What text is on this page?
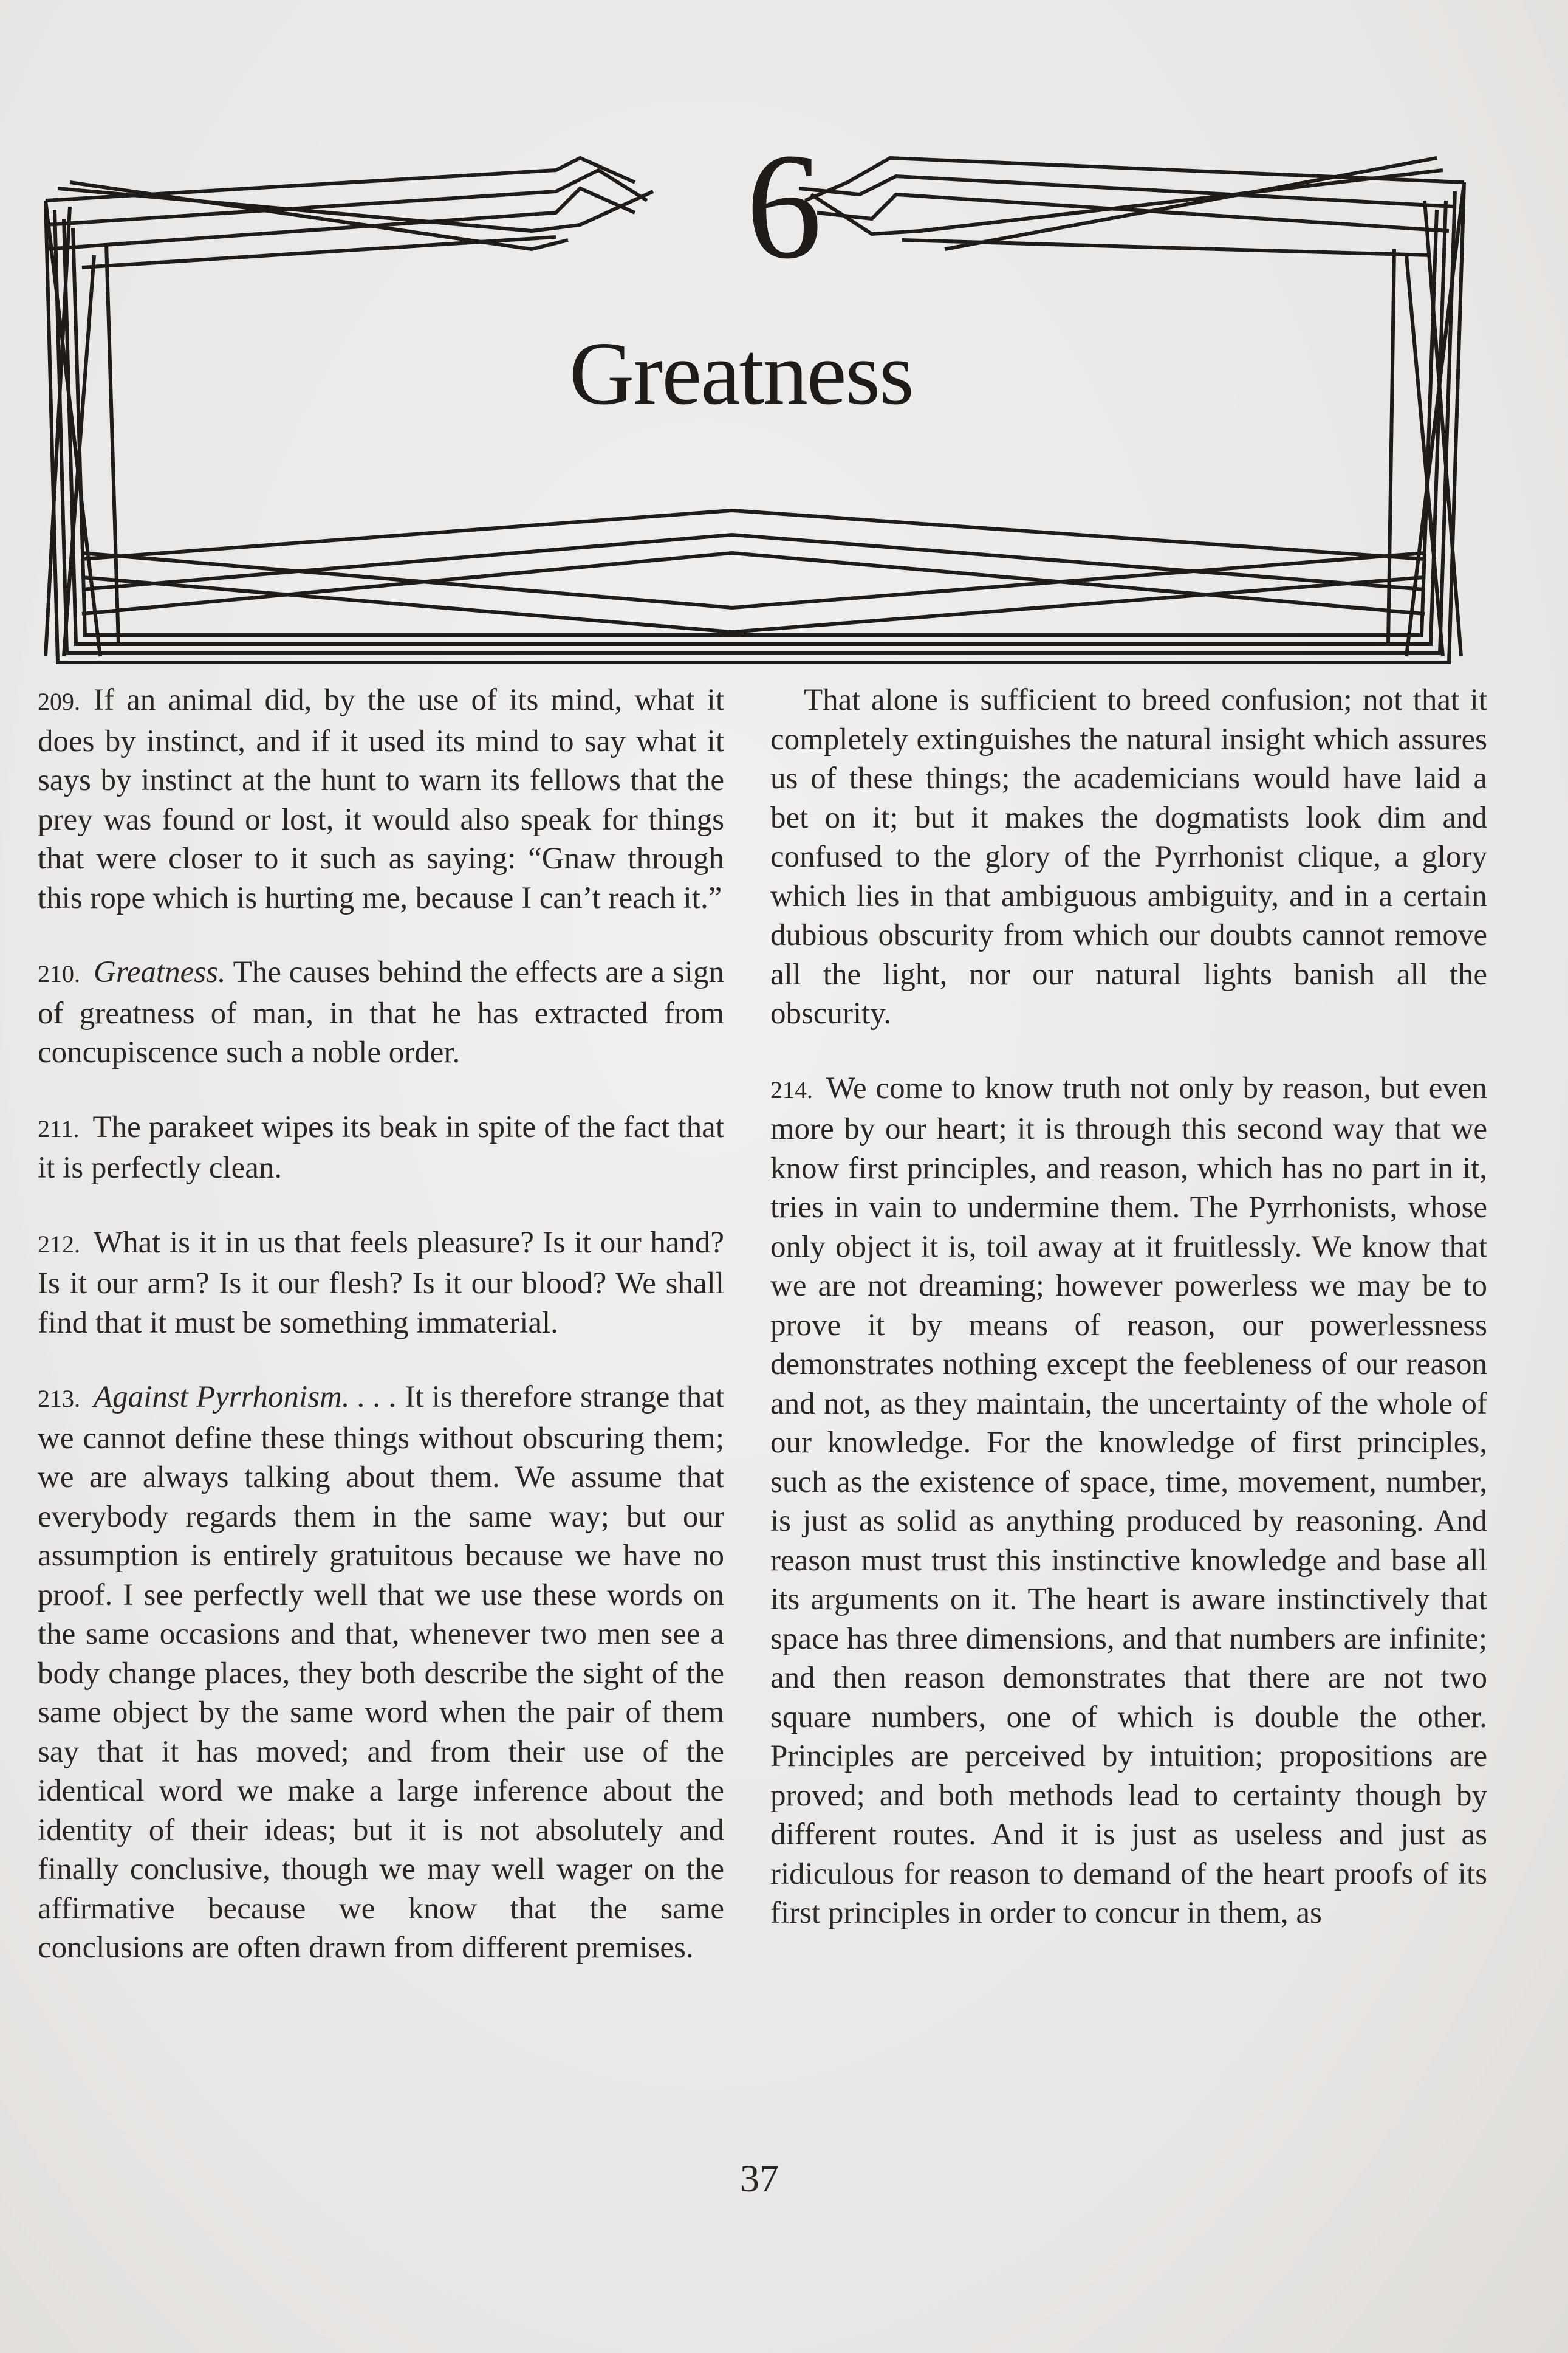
6
Greatness

209. If an animal did, by the use of its mind, what it does by instinct, and if it used its mind to say what it says by instinct at the hunt to warn its fellows that the prey was found or lost, it would also speak for things that were closer to it such as saying: “Gnaw through this rope which is hurting me, because I can’t reach it.”

210. Greatness. The causes behind the effects are a sign of greatness of man, in that he has extracted from concupiscence such a noble order.

211. The parakeet wipes its beak in spite of the fact that it is perfectly clean.

212. What is it in us that feels pleasure? Is it our hand? Is it our arm? Is it our flesh? Is it our blood? We shall find that it must be something immaterial.

213. Against Pyrrhonism. . . . It is therefore strange that we cannot define these things without obscuring them; we are always talking about them. We assume that everybody regards them in the same way; but our assumption is entirely gratuitous because we have no proof. I see perfectly well that we use these words on the same occasions and that, whenever two men see a body change places, they both describe the sight of the same object by the same word when the pair of them say that it has moved; and from their use of the identical word we make a large inference about the identity of their ideas; but it is not absolutely and finally conclusive, though we may well wager on the affirmative because we know that the same conclusions are often drawn from different premises.

That alone is sufficient to breed confusion; not that it completely extinguishes the natural insight which assures us of these things; the academicians would have laid a bet on it; but it makes the dogmatists look dim and confused to the glory of the Pyrrhonist clique, a glory which lies in that ambiguous ambiguity, and in a certain dubious obscurity from which our doubts cannot remove all the light, nor our natural lights banish all the obscurity.

214. We come to know truth not only by reason, but even more by our heart; it is through this second way that we know first principles, and reason, which has no part in it, tries in vain to undermine them. The Pyrrhonists, whose only object it is, toil away at it fruitlessly. We know that we are not dreaming; however powerless we may be to prove it by means of reason, our powerlessness demonstrates nothing except the feebleness of our reason and not, as they maintain, the uncertainty of the whole of our knowledge. For the knowledge of first principles, such as the existence of space, time, movement, number, is just as solid as anything produced by reasoning. And reason must trust this instinctive knowledge and base all its arguments on it. The heart is aware instinctively that space has three dimensions, and that numbers are infinite; and then reason demonstrates that there are not two square numbers, one of which is double the other. Principles are perceived by intuition; propositions are proved; and both methods lead to certainty though by different routes. And it is just as useless and just as ridiculous for reason to demand of the heart proofs of its first principles in order to concur in them, as

37
